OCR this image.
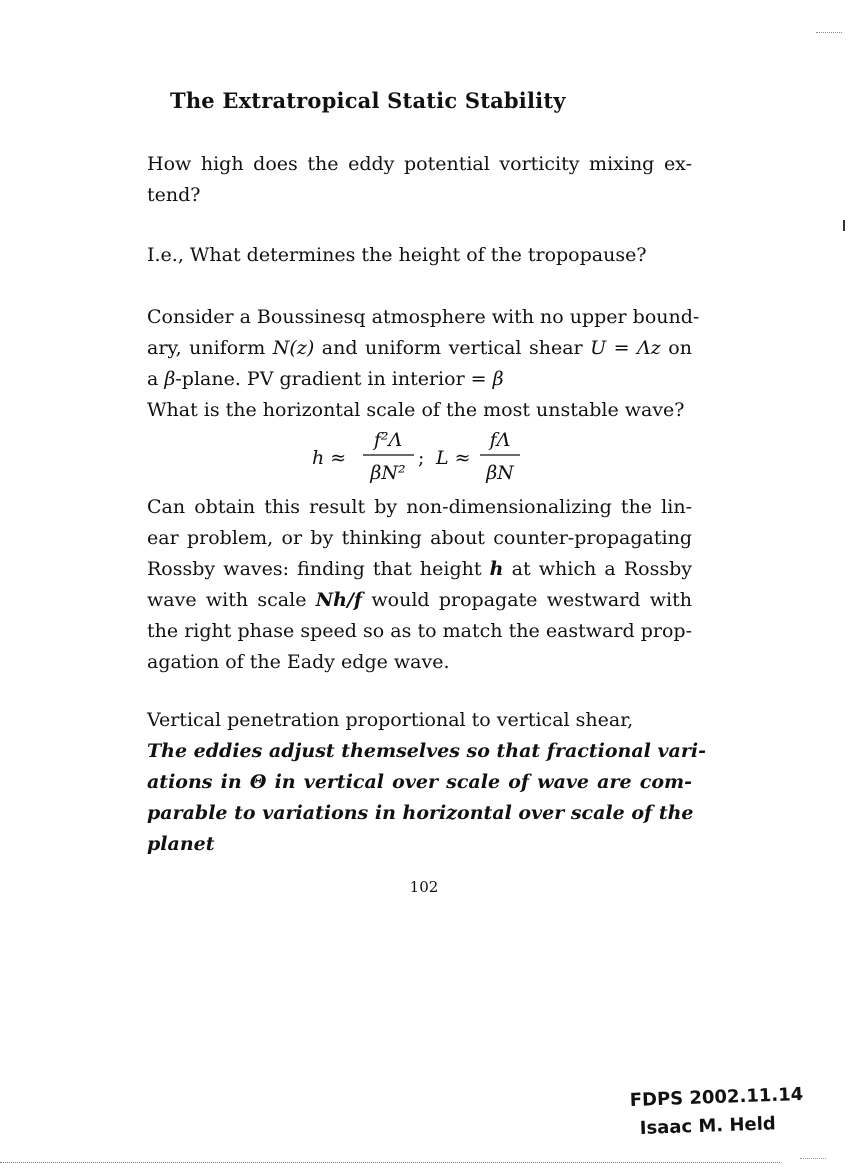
The Extratropical Static Stability
How high does the eddy potential vorticity mixing ex-
tend?
I.e., What determines the height of the tropopause?
Consider a Boussinesq atmosphere with no upper bound-
ary, uniform N(z) and uniform vertical shear U = Λz on
a β-plane. PV gradient in interior = β
What is the horizontal scale of the most unstable wave?
h ≈
f²Λ
βN²
; L ≈
fΛ
βN
Can obtain this result by non-dimensionalizing the lin-
ear problem, or by thinking about counter-propagating
Rossby waves: finding that height h at which a Rossby
wave with scale Nh/f would propagate westward with
the right phase speed so as to match the eastward prop-
agation of the Eady edge wave.
Vertical penetration proportional to vertical shear,
The eddies adjust themselves so that fractional vari-
ations in Θ in vertical over scale of wave are com-
parable to variations in horizontal over scale of the
planet
102
FDPS 2002.11.14
Isaac M. Held
